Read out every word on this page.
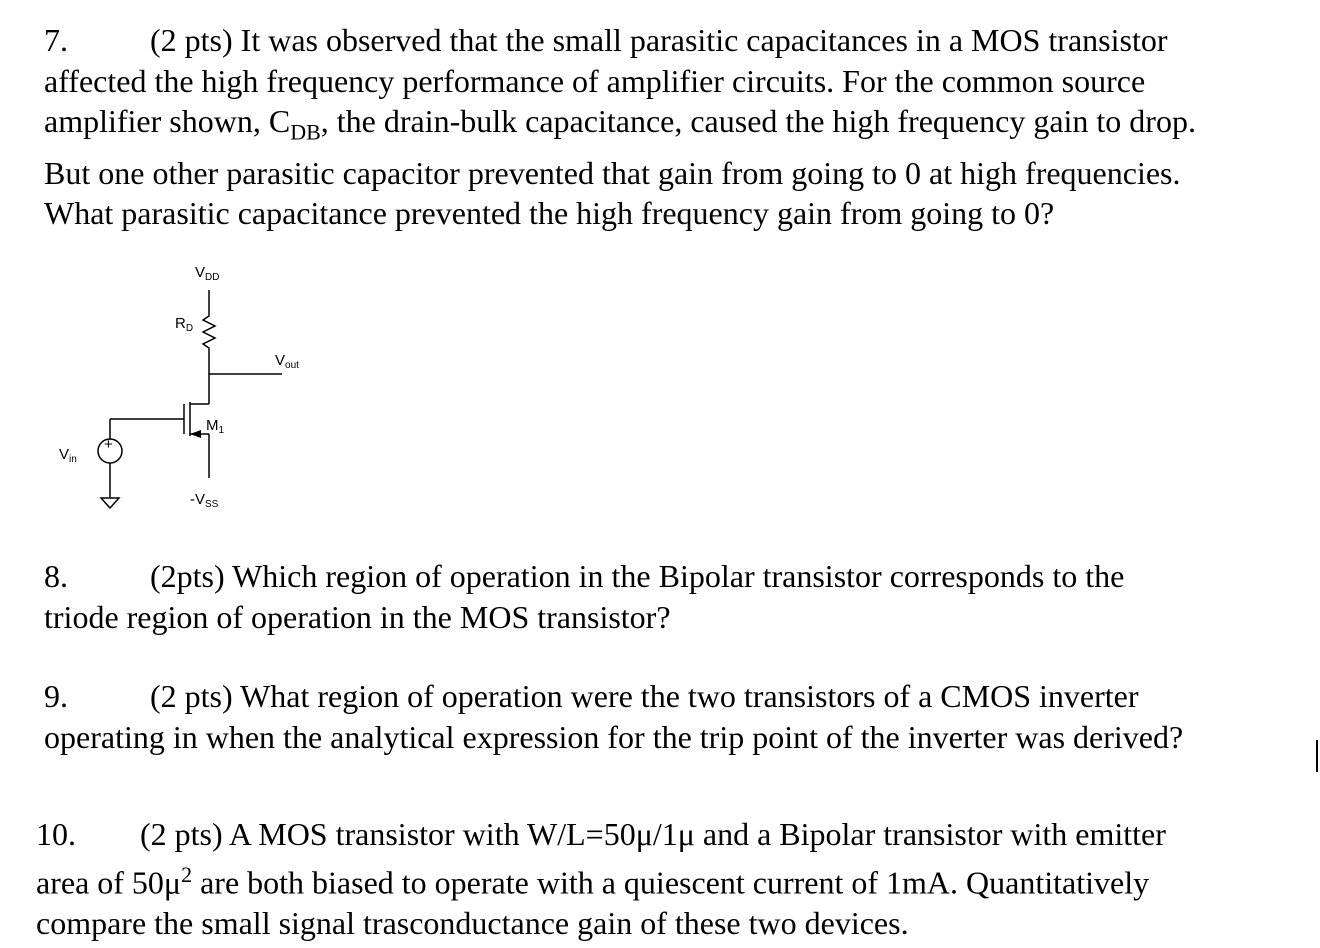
7.	(2 pts) It was observed that the small parasitic capacitances in a MOS transistor
affected the high frequency performance of amplifier circuits. For the common source
amplifier shown, $C_{DB}$, the drain-bulk capacitance, caused the high frequency gain to drop.
But one other parasitic capacitor prevented that gain from going to 0 at high frequencies.
What parasitic capacitance prevented the high frequency gain from going to 0?
+
$V_{DD}$
$R_D$
$V_{out}$
$M_1$
$V_{in}$
$-V_{SS}$
8.	(2pts) Which region of operation in the Bipolar transistor corresponds to the
triode region of operation in the MOS transistor?
9.	(2 pts) What region of operation were the two transistors of a CMOS inverter
operating in when the analytical expression for the trip point of the inverter was derived?
10. (2 pts) A MOS transistor with W/L=50μ/1μ and a Bipolar transistor with emitter
area of $50\mu^2$ are both biased to operate with a quiescent current of 1mA. Quantitatively
compare the small signal trasconductance gain of these two devices.
